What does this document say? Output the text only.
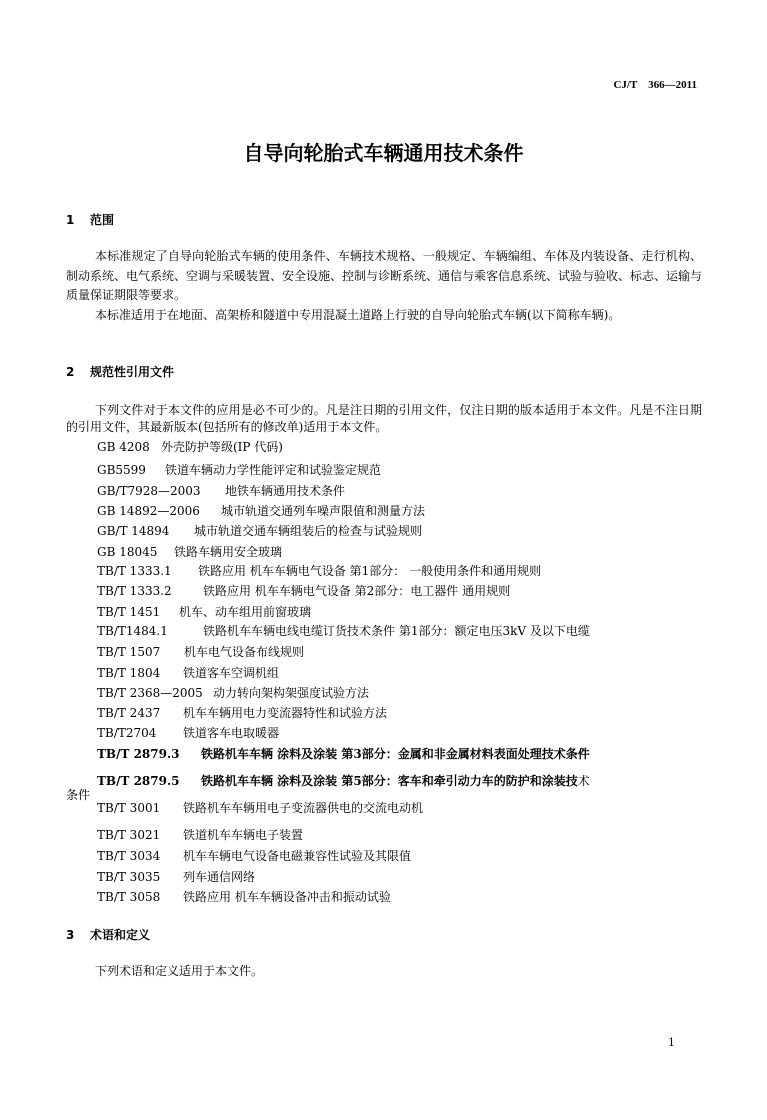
CJ/T　366—2011
自导向轮胎式车辆通用技术条件
1 范围
本标准规定了自导向轮胎式车辆的使用条件、车辆技术规格、一般规定、车辆编组、车体及内装设备、走行机构、制动系统、电气系统、空调与采暖装置、安全设施、控制与诊断系统、通信与乘客信息系统、试验与验收、标志、运输与质量保证期限等要求。
本标准适用于在地面、高架桥和隧道中专用混凝土道路上行驶的自导向轮胎式车辆(以下简称车辆)。
2 规范性引用文件
下列文件对于本文件的应用是必不可少的。凡是注日期的引用文件，仅注日期的版本适用于本文件。凡是不注日期的引用文件，其最新版本(包括所有的修改单)适用于本文件。
GB 4208 外壳防护等级(IP 代码)
GB5599 铁道车辆动力学性能评定和试验鉴定规范
GB/T7928—2003 地铁车辆通用技术条件
GB 14892—2006 城市轨道交通列车噪声限值和测量方法
GB/T 14894 城市轨道交通车辆组装后的检查与试验规则
GB 18045 铁路车辆用安全玻璃
TB/T 1333.1 铁路应用 机车车辆电气设备 第1部分： 一般使用条件和通用规则
TB/T 1333.2	铁路应用 机车车辆电气设备 第2部分：电工器件 通用规则
TB/T 1451 机车、动车组用前窗玻璃
TB/T1484.1	铁路机车车辆电线电缆订货技术条件 第1部分：额定电压3kV 及以下电缆
TB/T 1507 机车电气设备布线规则
TB/T 1804 铁道客车空调机组
TB/T 2368—2005 动力转向架构架强度试验方法
TB/T 2437 机车车辆用电力变流器特性和试验方法
TB/T2704 铁道客车电取暖器
TB/T 2879.3 铁路机车车辆 涂料及涂装 第3部分：金属和非金属材料表面处理技术条件
TB/T 2879.5 铁路机车车辆 涂料及涂装 第5部分：客车和牵引动力车的防护和涂装技术
条件
TB/T 3001 铁路机车车辆用电子变流器供电的交流电动机
TB/T 3021 铁道机车车辆电子装置
TB/T 3034 机车车辆电气设备电磁兼容性试验及其限值
TB/T 3035 列车通信网络
TB/T 3058 铁路应用 机车车辆设备冲击和振动试验
3 术语和定义
下列术语和定义适用于本文件。
1
